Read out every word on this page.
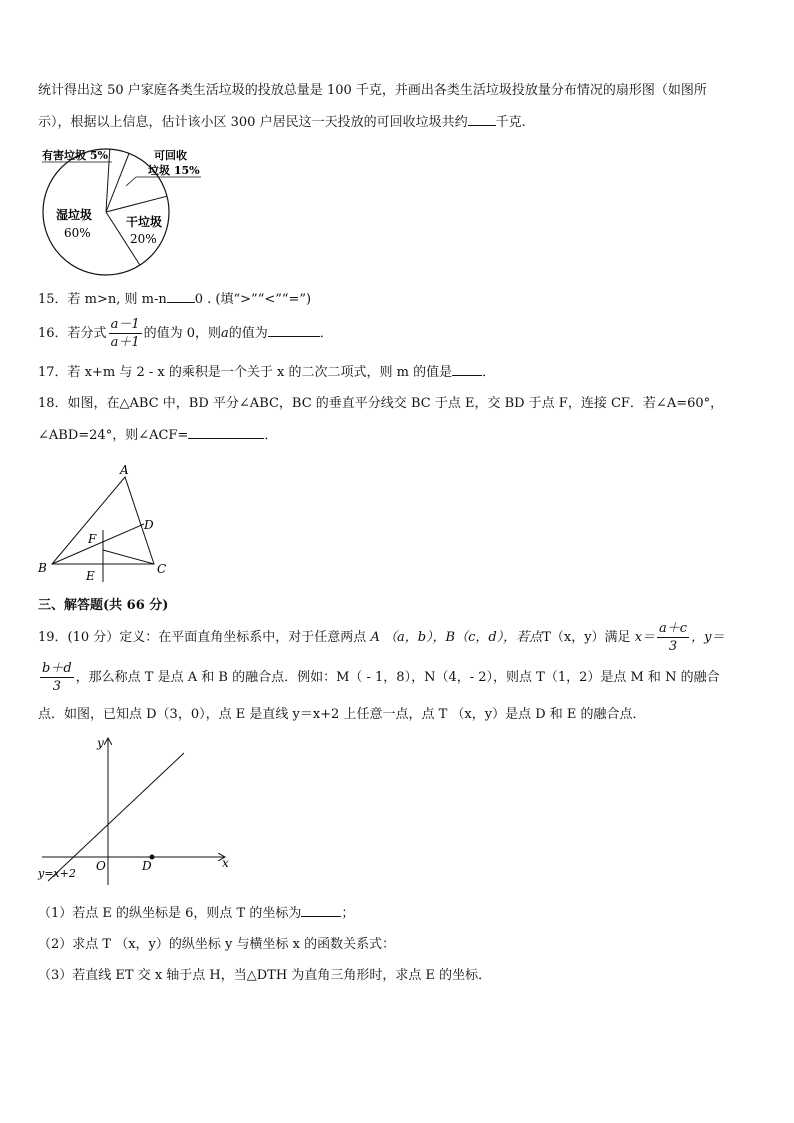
统计得出这 50 户家庭各类生活垃圾的投放总量是 100 千克，并画出各类生活垃圾投放量分布情况的扇形图（如图所
示），根据以上信息，估计该小区 300 户居民这一天投放的可回收垃圾共约 千克.
有害垃圾 5%	可回收
垃圾 15%
湿垃圾
60%
干垃圾
20%
15．若 m>n, 则 m-n 0 . (填“>”“<”“=”)
16．若分式 $\frac{a-1}{a+1}$ 的值为 0，则a的值为	．
17．若 x+m 与 2 - x 的乘积是一个关于 x 的二次二项式，则 m 的值是 ．
18．如图，在△ABC 中，BD 平分∠ABC，BC 的垂直平分线交 BC 于点 E，交 BD 于点 F，连接 CF．若∠A=60°，
∠ABD=24°，则∠ACF=	．
A
B	C
D
E
F
三、解答题(共 66 分)
19．(10 分）定义：在平面直角坐标系中，对于任意两点 A （a，b），B（c，d），若点T（x，y）满足 $x= \frac{a+c}{3}$ ，y＝
$\frac{b+d}{3}$ ，那么称点 T 是点 A 和 B 的融合点．例如：M（ - 1，8），N（4，- 2），则点 T（1，2）是点 M 和 N 的融合
点．如图，已知点 D（3，0），点 E 是直线 y＝x+2 上任意一点，点 T （x，y）是点 D 和 E 的融合点．
y
x
O	D
y=x+2
（1）若点 E 的纵坐标是 6，则点 T 的坐标为	；
（2）求点 T （x，y）的纵坐标 y 与横坐标 x 的函数关系式：
（3）若直线 ET 交 x 轴于点 H，当△DTH 为直角三角形时，求点 E 的坐标．
